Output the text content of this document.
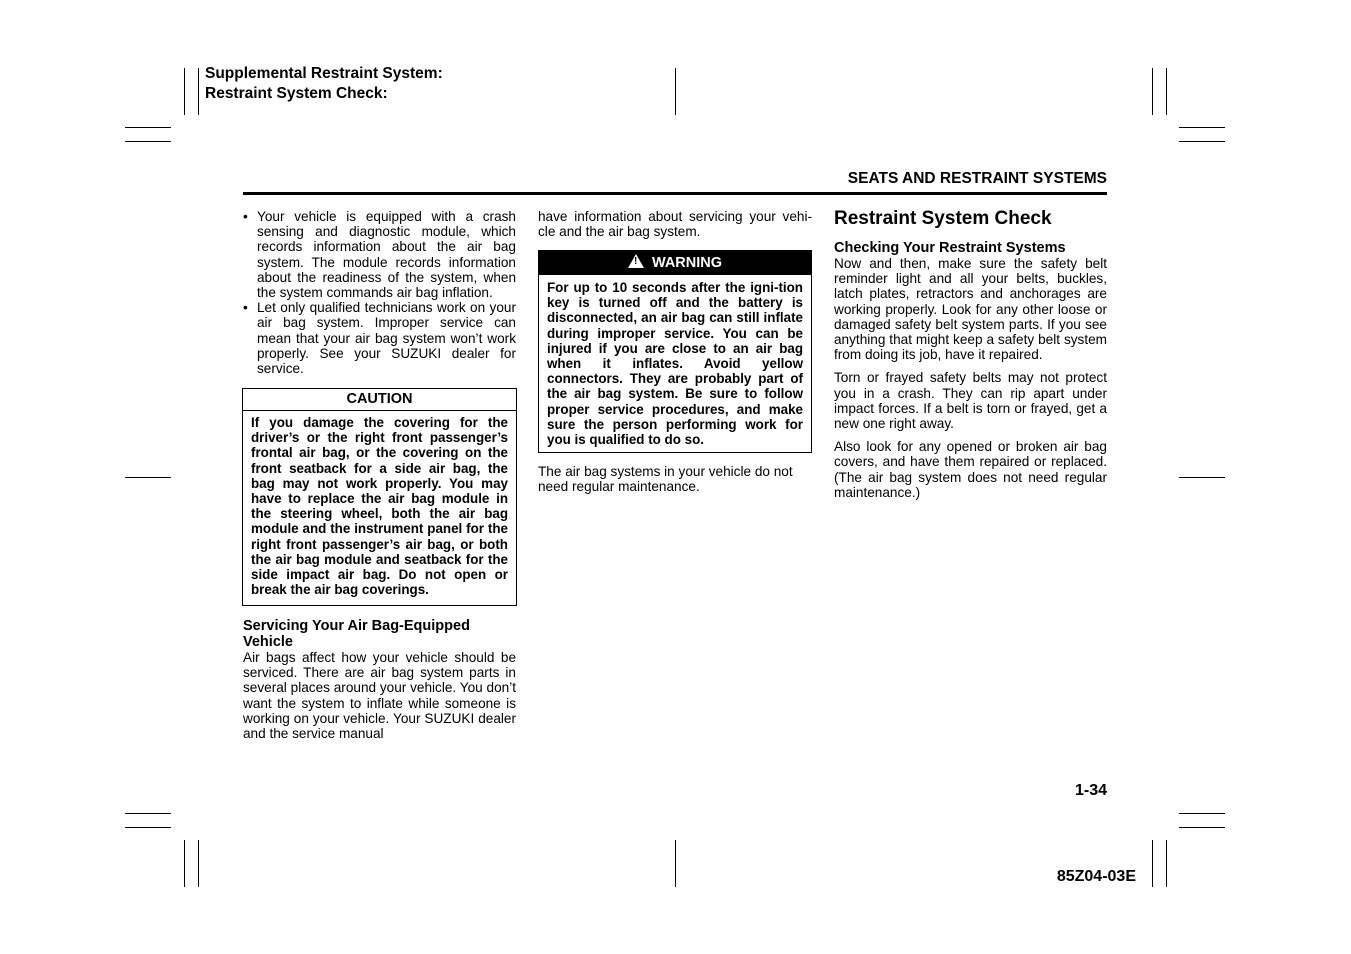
Supplemental Restraint System:
Restraint System Check:
SEATS AND RESTRAINT SYSTEMS
• Your vehicle is equipped with a crash sensing and diagnostic module, which records information about the air bag system. The module records information about the readiness of the system, when the system commands air bag inflation.
• Let only qualified technicians work on your air bag system. Improper service can mean that your air bag system won’t work properly. See your SUZUKI dealer for service.
CAUTION
If you damage the covering for the driver’s or the right front passenger’s frontal air bag, or the covering on the front seatback for a side air bag, the bag may not work properly. You may have to replace the air bag module in the steering wheel, both the air bag module and the instrument panel for the right front passenger’s air bag, or both the air bag module and seatback for the side impact air bag. Do not open or break the air bag coverings.
Servicing Your Air Bag-Equipped Vehicle

Air bags affect how your vehicle should be serviced. There are air bag system parts in several places around your vehicle. You don’t want the system to inflate while someone is working on your vehicle. Your SUZUKI dealer and the service manual

have information about servicing your vehi-cle and the air bag system.

! WARNING
For up to 10 seconds after the igni-tion key is turned off and the battery is disconnected, an air bag can still inflate during improper service. You can be injured if you are close to an air bag when it inflates. Avoid yellow connectors. They are probably part of the air bag system. Be sure to follow proper service procedures, and make sure the person performing work for you is qualified to do so.

The air bag systems in your vehicle do not need regular maintenance.

Restraint System Check
Checking Your Restraint Systems

Now and then, make sure the safety belt reminder light and all your belts, buckles, latch plates, retractors and anchorages are working properly. Look for any other loose or damaged safety belt system parts. If you see anything that might keep a safety belt system from doing its job, have it repaired.

Torn or frayed safety belts may not protect you in a crash. They can rip apart under impact forces. If a belt is torn or frayed, get a new one right away.

Also look for any opened or broken air bag covers, and have them repaired or replaced. (The air bag system does not need regular maintenance.)

1-34
85Z04-03E
